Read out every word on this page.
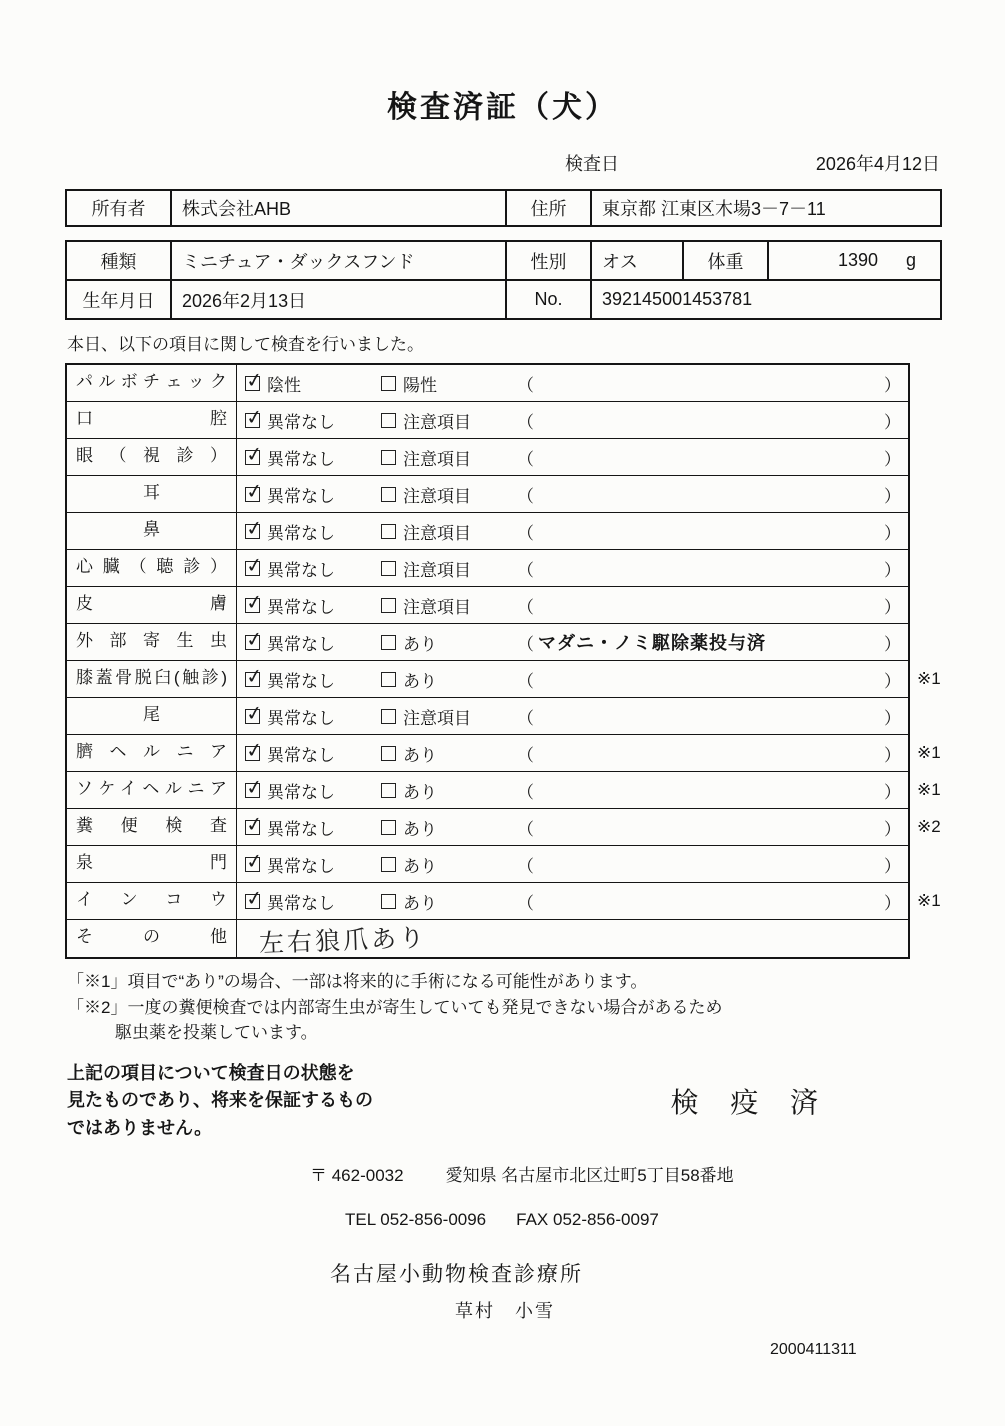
検査済証（犬）
検査日	2026年4月12日
所有者	株式会社AHB	住所	東京都 江東区木場3－7－11
種類	ミニチュア・ダックスフンド	性別	オス	体重	1390 g

生年月日	2026年2月13日	No.	392145001453781		

本日、以下の項目に関して検査を行いました。

パ ル ボ チ ェ ッ ク ✓	陰性	陽性	（	）
口 腔 ✓	異常なし	注意項目	（	）
眼 （ 視 診 ） ✓	異常なし	注意項目	（	）
耳 ✓	異常なし	注意項目	（	）
鼻 ✓	異常なし	注意項目	（	）
心 臓 （ 聴 診 ） ✓	異常なし	注意項目	（	）
皮 膚 ✓	異常なし	注意項目	（	）
外 部 寄 生 虫 ✓	異常なし	あり	（ マダニ・ノミ駆除薬投与済	）
膝蓋骨脱臼(触診) ✓	異常なし	あり	（	） ※1
尾 ✓	異常なし	注意項目	（	）
臍 ヘ ル ニ ア ✓	異常なし	あり	（	） ※1
ソケイヘルニア ✓	異常なし	あり	（	） ※1
糞 便 検 査 ✓	異常なし	あり	（	） ※2
泉 門 ✓	異常なし	あり	（	）
イ ン コ ウ ✓	異常なし	あり	（	） ※1
そ の 他	左右狼爪あり
「※1」項目で“あり”の場合、一部は将来的に手術になる可能性があります。
「※2」一度の糞便検査では内部寄生虫が寄生していても発見できない場合があるため
駆虫薬を投薬しています。
上記の項目について検査日の状態を
見たものであり、将来を保証するもの
ではありません。
検 疫 済
〒 462-0032 愛知県 名古屋市北区辻町5丁目58番地
TEL 052-856-0096 FAX 052-856-0097
名古屋小動物検査診療所
草村　小雪
2000411311
